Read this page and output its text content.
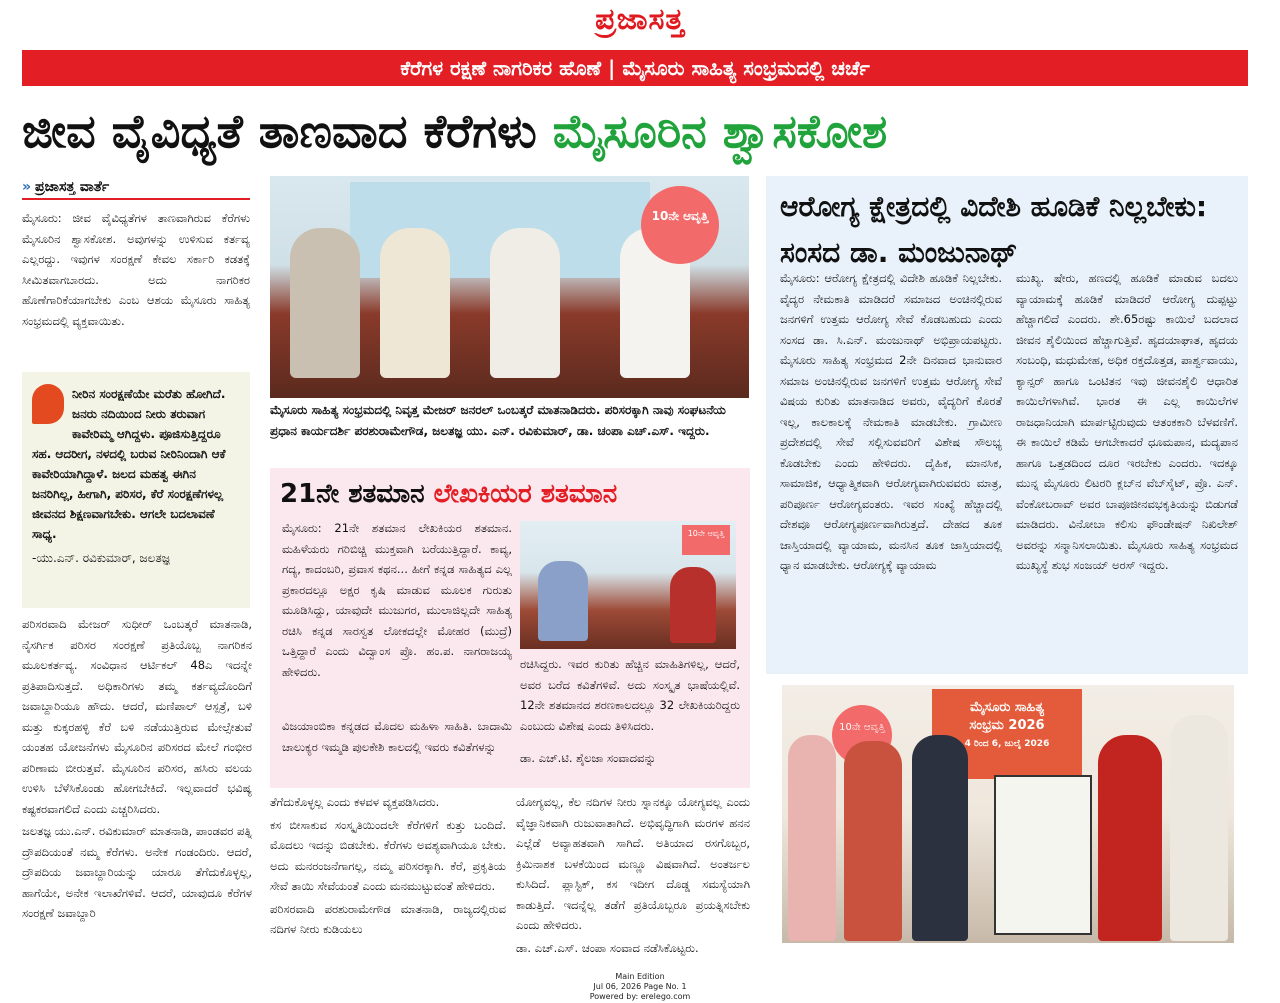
ಪ್ರಜಾಸತ್ತ
ಕೆರೆಗಳ ರಕ್ಷಣೆ ನಾಗರಿಕರ ಹೊಣೆ | ಮೈಸೂರು ಸಾಹಿತ್ಯ ಸಂಭ್ರಮದಲ್ಲಿ ಚರ್ಚೆ
ಜೀವ ವೈವಿಧ್ಯತೆ ತಾಣವಾದ ಕೆರೆಗಳು ಮೈಸೂರಿನ ಶ್ವಾಸಕೋಶ
» ಪ್ರಜಾಸತ್ತ ವಾರ್ತೆ

ಮೈಸೂರು: ಜೀವ ವೈವಿಧ್ಯತೆಗಳ ತಾಣವಾಗಿರುವ ಕೆರೆಗಳು ಮೈಸೂರಿನ ಶ್ವಾಸಕೋಶ. ಅವುಗಳನ್ನು ಉಳಿಸುವ ಕರ್ತವ್ಯ ಎಲ್ಲರದ್ದು. ಇವುಗಳ ಸಂರಕ್ಷಣೆ ಕೇವಲ ಸರ್ಕಾರಿ ಕಡತಕ್ಕೆ ಸೀಮಿತವಾಗಬಾರದು. ಅದು ನಾಗರಿಕರ ಹೊಣೆಗಾರಿಕೆಯಾಗಬೇಕು ಎಂಬ ಆಶಯ ಮೈಸೂರು ಸಾಹಿತ್ಯ ಸಂಭ್ರಮದಲ್ಲಿ ವ್ಯಕ್ತವಾಯಿತು.

ನೀರಿನ ಸಂರಕ್ಷಣೆಯೇ ಮರೆತು ಹೋಗಿದೆ. ಜನರು ನದಿಯಿಂದ ನೀರು ತರುವಾಗ ಕಾವೇರಿಮ್ಮ ಆಗಿದ್ದಳು. ಪೂಜಿಸುತ್ತಿದ್ದರೂ ಸಹ. ಆದರೀಗ, ನಳದಲ್ಲಿ ಬರುವ ನೀರಿನಿಂದಾಗಿ ಆಕೆ ಕಾವೇರಿಯಾಗಿದ್ದಾಳೆ. ಜಲದ ಮಹತ್ವ ಈಗಿನ ಜನರಿಗಿಲ್ಲ, ಹೀಗಾಗಿ, ಪರಿಸರ, ಕೆರೆ ಸಂರಕ್ಷಣೆಗಳಲ್ಲ ಜೀವನದ ಶಿಕ್ಷಣವಾಗಬೇಕು. ಆಗಲೇ ಬದಲಾವಣೆ ಸಾಧ್ಯ.
-ಯು.ಎನ್. ರವಿಕುಮಾರ್, ಜಲತಜ್ಞ

ಪರಿಸರವಾದಿ ಮೇಜರ್ ಸುಧೀರ್ ಒಂಬತ್ಕರೆ ಮಾತನಾಡಿ, ನೈಸರ್ಗಿಕ ಪರಿಸರ ಸಂರಕ್ಷಣೆ ಪ್ರತಿಯೊಬ್ಬ ನಾಗರಿಕನ ಮೂಲಕರ್ತವ್ಯ. ಸಂವಿಧಾನ ಆರ್ಟಿಕಲ್ 48ಎ ಇದನ್ನೇ ಪ್ರತಿಪಾದಿಸುತ್ತದೆ. ಅಧಿಕಾರಿಗಳು ತಮ್ಮ ಕರ್ತವ್ಯದೊಂದಿಗೆ ಜವಾಬ್ದಾರಿಯೂ ಹೌದು. ಆದರೆ, ಮಣಿಪಾಲ್ ಆಸ್ಪತ್ರೆ, ಬಳಿ ಮತ್ತು ಕುಕ್ಕರಹಳ್ಳಿ ಕೆರೆ ಬಳಿ ನಡೆಯುತ್ತಿರುವ ಮೇಲ್ಸೇತುವೆ ಯಂತಹ ಯೋಜನೆಗಳು ಮೈಸೂರಿನ ಪರಿಸರದ ಮೇಲೆ ಗಂಭೀರ ಪರಿಣಾಮ ಬೀರುತ್ತವೆ. ಮೈಸೂರಿನ ಪರಿಸರ, ಹಸಿರು ವಲಯ ಉಳಿಸಿ ಬೆಳೆಸಿಕೊಂಡು ಹೋಗಬೇಕಿದೆ. ಇಲ್ಲವಾದರೆ ಭವಿಷ್ಯ ಕಷ್ಟಕರವಾಗಲಿದೆ ಎಂದು ಎಚ್ಚರಿಸಿದರು.

ಜಲತಜ್ಞ ಯು.ಎನ್. ರವಿಕುಮಾರ್ ಮಾತನಾಡಿ, ಪಾಂಡವರ ಪತ್ನಿ ದ್ರೌಪದಿಯಂತೆ ನಮ್ಮ ಕೆರೆಗಳು. ಅನೇಕ ಗಂಡಂದಿರು. ಆದರೆ, ದ್ರೌಪದಿಯ ಜವಾಬ್ದಾರಿಯನ್ನು ಯಾರೂ ತೆಗೆದುಕೊಳ್ಳಲ್ಲ, ಹಾಗೆಯೇ, ಅನೇಕ ಇಲಾಖೆಗಳಿವೆ. ಆದರೆ, ಯಾವುದೂ ಕೆರೆಗಳ ಸಂರಕ್ಷಣೆ ಜವಾಬ್ದಾರಿ

10ನೇ ಆವೃತ್ತಿ
ಮೈಸೂರು ಸಾಹಿತ್ಯ ಸಂಭ್ರಮದಲ್ಲಿ ನಿವೃತ್ತ ಮೇಜರ್ ಜನರಲ್ ಒಂಬತ್ಕರೆ ಮಾತನಾಡಿದರು. ಪರಿಸರಕ್ಕಾಗಿ ನಾವು ಸಂಘಟನೆಯ ಪ್ರಧಾನ ಕಾರ್ಯದರ್ಶಿ ಪರಶುರಾಮೇಗೌಡ, ಜಲತಜ್ಞ ಯು. ಎನ್. ರವಿಕುಮಾರ್, ಡಾ. ಚಂಪಾ ಎಚ್.ಎಸ್. ಇದ್ದರು.
21ನೇ ಶತಮಾನ ಲೇಖಕಿಯರ ಶತಮಾನ
ಮೈಸೂರು: 21ನೇ ಶತಮಾನ ಲೇಖಕಿಯರ ಶತಮಾನ. ಮಹಿಳೆಯರು ಗರಿಬಿಚ್ಚಿ ಮುಕ್ತವಾಗಿ ಬರೆಯುತ್ತಿದ್ದಾರೆ. ಕಾವ್ಯ, ಗದ್ಯ, ಕಾದಂಬರಿ, ಪ್ರವಾಸ ಕಥನ... ಹೀಗೆ ಕನ್ನಡ ಸಾಹಿತ್ಯದ ಎಲ್ಲ ಪ್ರಕಾರದಲ್ಲೂ ಅಕ್ಷರ ಕೃಷಿ ಮಾಡುವ ಮೂಲಕ ಗುರುತು ಮೂಡಿಸಿದ್ದು, ಯಾವುದೇ ಮುಜುಗರ, ಮುಲಾಜಿಲ್ಲದೇ ಸಾಹಿತ್ಯ ರಚಿಸಿ ಕನ್ನಡ ಸಾರಸ್ವತ ಲೋಕದಲ್ಲೇ ಮೋಹರ (ಮುದ್ರೆ) ಒತ್ತಿದ್ದಾರೆ ಎಂದು ವಿದ್ವಾಂಸ ಪ್ರೊ. ಹಂ.ಪ. ನಾಗರಾಜಯ್ಯ ಹೇಳಿದರು.
10ನೇ ಆವೃತ್ತಿ
ರಚಿಸಿದ್ದರು. ಇವರ ಕುರಿತು ಹೆಚ್ಚಿನ ಮಾಹಿತಿಗಳಿಲ್ಲ, ಆದರೆ, ಅವರ ಬರೆದ ಕವಿತೆಗಳಿವೆ. ಅದು ಸಂಸ್ಕೃತ ಭಾಷೆಯಲ್ಲಿವೆ. 12ನೇ ಶತಮಾನದ ಶರಣಕಾಲದಲ್ಲೂ 32 ಲೇಖಕಿಯರಿದ್ದರು ಎಂಬುದು ವಿಶೇಷ ಎಂದು ತಿಳಿಸಿದರು.
ವಿಜಯಾಂಬಿಕಾ ಕನ್ನಡದ ಮೊದಲ ಮಹಿಳಾ ಸಾಹಿತಿ. ಬಾದಾಮಿ ಚಾಲುಕ್ಯರ ಇಮ್ಮಡಿ ಪುಲಕೇಶಿ ಕಾಲದಲ್ಲಿ ಇವರು ಕವಿತೆಗಳನ್ನು
ಡಾ. ಎಚ್.ಟಿ. ಶೈಲಜಾ ಸಂವಾದವನ್ನು

ತೆಗೆದುಕೊಳ್ಳಲ್ಲ ಎಂದು ಕಳವಳ ವ್ಯಕ್ತಪಡಿಸಿದರು.

ಕಸ ಬೀಸಾಕುವ ಸಂಸ್ಕೃತಿಯಿಂದಲೇ ಕೆರೆಗಳಿಗೆ ಕುತ್ತು ಬಂದಿದೆ. ಮೊದಲು ಇದನ್ನು ಬಿಡಬೇಕು. ಕೆರೆಗಳು ಅವಶ್ಯವಾಗಿಯೂ ಬೇಕು. ಅದು ಮನರಂಜನೆಗಾಗಲ್ಲ, ನಮ್ಮ ಪರಿಸರಕ್ಕಾಗಿ. ಕೆರೆ, ಪ್ರಕೃತಿಯ ಸೇವೆ ತಾಯಿ ಸೇವೆಯಂತೆ ಎಂದು ಮನಮುಟ್ಟುವಂತೆ ಹೇಳಿದರು.

ಪರಿಸರವಾದಿ ಪರಶುರಾಮೇಗೌಡ ಮಾತನಾಡಿ, ರಾಜ್ಯದಲ್ಲಿರುವ ನದಿಗಳ ನೀರು ಕುಡಿಯಲು

ಯೋಗ್ಯವಲ್ಲ, ಕೆಲ ನದಿಗಳ ನೀರು ಸ್ನಾನಕ್ಕೂ ಯೋಗ್ಯವಲ್ಲ ಎಂದು ವೈಜ್ಞಾನಿಕವಾಗಿ ರುಜುವಾತಾಗಿದೆ. ಅಭಿವೃದ್ಧಿಗಾಗಿ ಮರಗಳ ಹನನ ಎಲ್ಲೆಡೆ ಅವ್ಯಾಹತವಾಗಿ ಸಾಗಿದೆ. ಅತಿಯಾದ ರಸಗೊಬ್ಬರ, ಕ್ರಿಮಿನಾಶಕ ಬಳಕೆಯಿಂದ ಮಣ್ಣೂ ವಿಷವಾಗಿದೆ. ಅಂತರ್ಜಲ ಕುಸಿದಿದೆ. ಪ್ಲಾಸ್ಟಿಕ್, ಕಸ ಇದೀಗ ದೊಡ್ಡ ಸಮಸ್ಯೆಯಾಗಿ ಕಾಡುತ್ತಿದೆ. ಇದನ್ನೆಲ್ಲ ತಡೆಗೆ ಪ್ರತಿಯೊಬ್ಬರೂ ಪ್ರಯತ್ನಿಸಬೇಕು ಎಂದು ಹೇಳಿದರು.

ಡಾ. ಎಚ್.ಎಸ್. ಚಂಪಾ ಸಂವಾದ ನಡೆಸಿಕೊಟ್ಟರು.

ಆರೋಗ್ಯ ಕ್ಷೇತ್ರದಲ್ಲಿ ವಿದೇಶಿ ಹೂಡಿಕೆ ನಿಲ್ಲಬೇಕು: ಸಂಸದ ಡಾ. ಮಂಜುನಾಥ್
ಮೈಸೂರು: ಆರೋಗ್ಯ ಕ್ಷೇತ್ರದಲ್ಲಿ ವಿದೇಶಿ ಹೂಡಿಕೆ ನಿಲ್ಲಬೇಕು. ವೈದ್ಯರ ನೇಮಕಾತಿ ಮಾಡಿದರೆ ಸಮಾಜದ ಅಂಚಿನಲ್ಲಿರುವ ಜನಗಳಿಗೆ ಉತ್ತಮ ಆರೋಗ್ಯ ಸೇವೆ ಕೊಡಬಹುದು ಎಂದು ಸಂಸದ ಡಾ. ಸಿ.ಎನ್. ಮಂಜುನಾಥ್ ಅಭಿಪ್ರಾಯಪಟ್ಟರು. ಮೈಸೂರು ಸಾಹಿತ್ಯ ಸಂಭ್ರಮದ 2ನೇ ದಿನವಾದ ಭಾನುವಾರ ಸಮಾಜ ಅಂಚಿನಲ್ಲಿರುವ ಜನಗಳಿಗೆ ಉತ್ತಮ ಆರೋಗ್ಯ ಸೇವೆ ವಿಷಯ ಕುರಿತು ಮಾತನಾಡಿದ ಅವರು, ವೈದ್ಯರಿಗೆ ಕೊರತೆ ಇಲ್ಲ, ಕಾಲಕಾಲಕ್ಕೆ ನೇಮಕಾತಿ ಮಾಡಬೇಕು. ಗ್ರಾಮೀಣ ಪ್ರದೇಶದಲ್ಲಿ ಸೇವೆ ಸಲ್ಲಿಸುವವರಿಗೆ ವಿಶೇಷ ಸೌಲಭ್ಯ ಕೊಡಬೇಕು ಎಂದು ಹೇಳಿದರು. ದೈಹಿಕ, ಮಾನಸಿಕ, ಸಾಮಾಜಿಕ, ಆಧ್ಯಾತ್ಮಿಕವಾಗಿ ಆರೋಗ್ಯವಾಗಿರುವವರು ಮಾತ್ರ, ಪರಿಪೂರ್ಣ ಆರೋಗ್ಯವಂತರು. ಇವರ ಸಂಖ್ಯೆ ಹೆಚ್ಚಾದಲ್ಲಿ ದೇಶವೂ ಆರೋಗ್ಯಪೂರ್ಣವಾಗಿರುತ್ತದೆ. ದೇಹದ ತೂಕ ಜಾಸ್ತಿಯಾದಲ್ಲಿ ವ್ಯಾಯಾಮ, ಮನಸಿನ ತೂಕ ಜಾಸ್ತಿಯಾದಲ್ಲಿ ಧ್ಯಾನ ಮಾಡಬೇಕು. ಆರೋಗ್ಯಕ್ಕೆ ವ್ಯಾಯಾಮ
ಮುಖ್ಯ. ಷೇರು, ಹಣದಲ್ಲಿ ಹೂಡಿಕೆ ಮಾಡುವ ಬದಲು ವ್ಯಾಯಾಮಕ್ಕೆ ಹೂಡಿಕೆ ಮಾಡಿದರೆ ಆರೋಗ್ಯ ದುಪ್ಪಟ್ಟು ಹೆಚ್ಚಾಗಲಿದೆ ಎಂದರು. ಶೇ.65ರಷ್ಟು ಕಾಯಿಲೆ ಬದಲಾದ ಜೀವನ ಶೈಲಿಯಿಂದ ಹೆಚ್ಚಾಗುತ್ತಿವೆ. ಹೃದಯಾಘಾತ, ಹೃದಯ ಸಂಬಂಧಿ, ಮಧುಮೇಹ, ಅಧಿಕ ರಕ್ತದೊತ್ತಡ, ಪಾರ್ಶ್ವವಾಯು, ಕ್ಯಾನ್ಸರ್ ಹಾಗೂ ಒಂಟಿತನ ಇವು ಜೀವನಶೈಲಿ ಆಧಾರಿತ ಕಾಯಿಲೆಗಳಾಗಿವೆ. ಭಾರತ ಈ ಎಲ್ಲ ಕಾಯಿಲೆಗಳ ರಾಜಧಾನಿಯಾಗಿ ಮಾರ್ಪಟ್ಟಿರುವುದು ಆತಂಕಕಾರಿ ಬೆಳವಣಿಗೆ. ಈ ಕಾಯಿಲೆ ಕಡಿಮೆ ಆಗಬೇಕಾದರೆ ಧೂಮಪಾನ, ಮದ್ಯಪಾನ ಹಾಗೂ ಒತ್ತಡದಿಂದ ದೂರ ಇರಬೇಕು ಎಂದರು. ಇದಕ್ಕೂ ಮುನ್ನ ಮೈಸೂರು ಲಿಟರರಿ ಕ್ಲಬ್‌ನ ವೆಬ್‌ಸೈಟ್, ಪ್ರೊ. ಎನ್. ವೆಂಕೋಬರಾವ್ ಅವರ ಬಾಪೂಜೀನವಭಕೃತಿಯನ್ನು ಬಿಡುಗಡೆ ಮಾಡಿದರು. ವಿನೋಬಾ ಕಲಿಸು ಫೌಂಡೇಷನ್ ನಿಖಿಲೇಶ್ ಅವರನ್ನು ಸನ್ಮಾನಿಸಲಾಯಿತು. ಮೈಸೂರು ಸಾಹಿತ್ಯ ಸಂಭ್ರಮದ ಮುಖ್ಯಸ್ಥೆ ಶುಭ ಸಂಜಯ್ ಅರಸ್ ಇದ್ದರು.
ಮೈಸೂರು ಸಾಹಿತ್ಯ
ಸಂಭ್ರಮ 2026
4 ರಿಂದ 6, ಜುಲೈ 2026
10ನೇ ಆವೃತ್ತಿ
Main Edition
Jul 06, 2026 Page No. 1
Powered by: erelego.com
